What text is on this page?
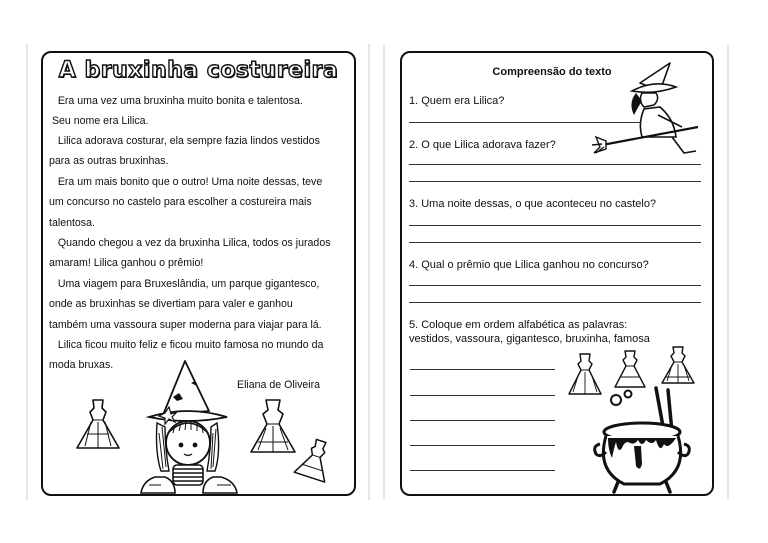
A bruxinha costureira
Era uma vez uma bruxinha muito bonita e talentosa.
Seu nome era Lilica.
Lilica adorava costurar, ela sempre fazia lindos vestidos
para as outras bruxinhas.
Era um mais bonito que o outro! Uma noite dessas, teve
um concurso no castelo para escolher a costureira mais
talentosa.
Quando chegou a vez da bruxinha Lilica, todos os jurados
amaram! Lilica ganhou o prêmio!
Uma viagem para Bruxeslândia, um parque gigantesco,
onde as bruxinhas se divertiam para valer e ganhou
também uma vassoura super moderna para viajar para lá.
Lilica ficou muito feliz e ficou muito famosa no mundo da
moda bruxas.
Eliana de Oliveira
Compreensão do texto
1. Quem era Lilica?
2. O que Lilica adorava fazer?
3. Uma noite dessas, o que aconteceu no castelo?
4. Qual o prêmio que Lilica ganhou no concurso?
5. Coloque em ordem alfabética as palavras:
vestidos, vassoura, gigantesco, bruxinha, famosa
